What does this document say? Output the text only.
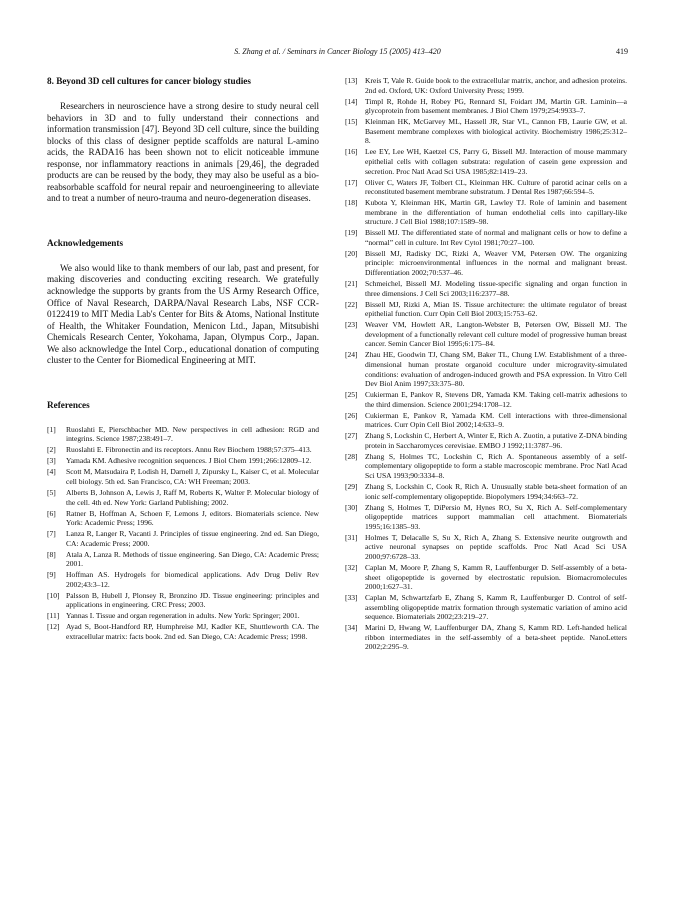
S. Zhang et al. / Seminars in Cancer Biology 15 (2005) 413–420	419
8. Beyond 3D cell cultures for cancer biology studies

Researchers in neuroscience have a strong desire to study neural cell behaviors in 3D and to fully understand their connections and information transmission [47]. Beyond 3D cell culture, since the building blocks of this class of designer peptide scaffolds are natural L-amino acids, the RADA16 has been shown not to elicit noticeable immune response, nor inflammatory reactions in animals [29,46], the degraded products are can be reused by the body, they may also be useful as a bio-reabsorbable scaffold for neural repair and neuroengineering to alleviate and to treat a number of neuro-trauma and neuro-degeneration diseases.

Acknowledgements

We also would like to thank members of our lab, past and present, for making discoveries and conducting exciting research. We gratefully acknowledge the supports by grants from the US Army Research Office, Office of Naval Research, DARPA/Naval Research Labs, NSF CCR-0122419 to MIT Media Lab's Center for Bits & Atoms, National Institute of Health, the Whitaker Foundation, Menicon Ltd., Japan, Mitsubishi Chemicals Research Center, Yokohama, Japan, Olympus Corp., Japan. We also acknowledge the Intel Corp., educational donation of computing cluster to the Center for Biomedical Engineering at MIT.

References
[1] Ruoslahti E, Pierschbacher MD. New perspectives in cell adhesion: RGD and integrins. Science 1987;238:491–7.
[2] Ruoslahti E. Fibronectin and its receptors. Annu Rev Biochem 1988;57:375–413.
[3] Yamada KM. Adhesive recognition sequences. J Biol Chem 1991;266:12809–12.
[4] Scott M, Matsudaira P, Lodish H, Darnell J, Zipursky L, Kaiser C, et al. Molecular cell biology. 5th ed. San Francisco, CA: WH Freeman; 2003.
[5] Alberts B, Johnson A, Lewis J, Raff M, Roberts K, Walter P. Molecular biology of the cell. 4th ed. New York: Garland Publishing; 2002.
[6] Ratner B, Hoffman A, Schoen F, Lemons J, editors. Biomaterials science. New York: Academic Press; 1996.
[7] Lanza R, Langer R, Vacanti J. Principles of tissue engineering. 2nd ed. San Diego, CA: Academic Press; 2000.
[8] Atala A, Lanza R. Methods of tissue engineering. San Diego, CA: Academic Press; 2001.
[9] Hoffman AS. Hydrogels for biomedical applications. Adv Drug Deliv Rev 2002;43:3–12.
[10] Palsson B, Hubell J, Plonsey R, Bronzino JD. Tissue engineering: principles and applications in engineering. CRC Press; 2003.
[11] Yannas I. Tissue and organ regeneration in adults. New York: Springer; 2001.
[12] Ayad S, Boot-Handford RP, Humphreise MJ, Kadler KE, Shuttleworth CA. The extracellular matrix: facts book. 2nd ed. San Diego, CA: Academic Press; 1998.
[13] Kreis T, Vale R. Guide book to the extracellular matrix, anchor, and adhesion proteins. 2nd ed. Oxford, UK: Oxford University Press; 1999.
[14] Timpl R, Rohde H, Robey PG, Rennard SI, Foidart JM, Martin GR. Laminin—a glycoprotein from basement membranes. J Biol Chem 1979;254:9933–7.
[15] Kleinman HK, McGarvey ML, Hassell JR, Star VL, Cannon FB, Laurie GW, et al. Basement membrane complexes with biological activity. Biochemistry 1986;25:312–8.
[16] Lee EY, Lee WH, Kaetzel CS, Parry G, Bissell MJ. Interaction of mouse mammary epithelial cells with collagen substrata: regulation of casein gene expression and secretion. Proc Natl Acad Sci USA 1985;82:1419–23.
[17] Oliver C, Waters JF, Tolbert CL, Kleinman HK. Culture of parotid acinar cells on a reconstituted basement membrane substratum. J Dental Res 1987;66:594–5.
[18] Kubota Y, Kleinman HK, Martin GR, Lawley TJ. Role of laminin and basement membrane in the differentiation of human endothelial cells into capillary-like structure. J Cell Biol 1988;107:1589–98.
[19] Bissell MJ. The differentiated state of normal and malignant cells or how to define a “normal” cell in culture. Int Rev Cytol 1981;70:27–100.
[20] Bissell MJ, Radisky DC, Rizki A, Weaver VM, Petersen OW. The organizing principle: microenvironmental influences in the normal and malignant breast. Differentiation 2002;70:537–46.
[21] Schmeichel, Bissell MJ. Modeling tissue-specific signaling and organ function in three dimensions. J Cell Sci 2003;116:2377–88.
[22] Bissell MJ, Rizki A, Mian IS. Tissue architecture: the ultimate regulator of breast epithelial function. Curr Opin Cell Biol 2003;15:753–62.
[23] Weaver VM, Howlett AR, Langton-Webster B, Petersen OW, Bissell MJ. The development of a functionally relevant cell culture model of progressive human breast cancer. Semin Cancer Biol 1995;6:175–84.
[24] Zhau HE, Goodwin TJ, Chang SM, Baker TL, Chung LW. Establishment of a three-dimensional human prostate organoid coculture under microgravity-simulated conditions: evaluation of androgen-induced growth and PSA expression. In Vitro Cell Dev Biol Anim 1997;33:375–80.
[25] Cukierman E, Pankov R, Stevens DR, Yamada KM. Taking cell-matrix adhesions to the third dimension. Science 2001;294:1708–12.
[26] Cukierman E, Pankov R, Yamada KM. Cell interactions with three-dimensional matrices. Curr Opin Cell Biol 2002;14:633–9.
[27] Zhang S, Lockshin C, Herbert A, Winter E, Rich A. Zuotin, a putative Z-DNA binding protein in Saccharomyces cerevisiae. EMBO J 1992;11:3787–96.
[28] Zhang S, Holmes TC, Lockshin C, Rich A. Spontaneous assembly of a self-complementary oligopeptide to form a stable macroscopic membrane. Proc Natl Acad Sci USA 1993;90:3334–8.
[29] Zhang S, Lockshin C, Cook R, Rich A. Unusually stable beta-sheet formation of an ionic self-complementary oligopeptide. Biopolymers 1994;34:663–72.
[30] Zhang S, Holmes T, DiPersio M, Hynes RO, Su X, Rich A. Self-complementary oligopeptide matrices support mammalian cell attachment. Biomaterials 1995;16:1385–93.
[31] Holmes T, Delacalle S, Su X, Rich A, Zhang S. Extensive neurite outgrowth and active neuronal synapses on peptide scaffolds. Proc Natl Acad Sci USA 2000;97:6728–33.
[32] Caplan M, Moore P, Zhang S, Kamm R, Lauffenburger D. Self-assembly of a beta-sheet oligopeptide is governed by electrostatic repulsion. Biomacromolecules 2000;1:627–31.
[33] Caplan M, Schwartzfarb E, Zhang S, Kamm R, Lauffenburger D. Control of self-assembling oligopeptide matrix formation through systematic variation of amino acid sequence. Biomaterials 2002;23:219–27.
[34] Marini D, Hwang W, Lauffenburger DA, Zhang S, Kamm RD. Left-handed helical ribbon intermediates in the self-assembly of a beta-sheet peptide. NanoLetters 2002;2:295–9.
